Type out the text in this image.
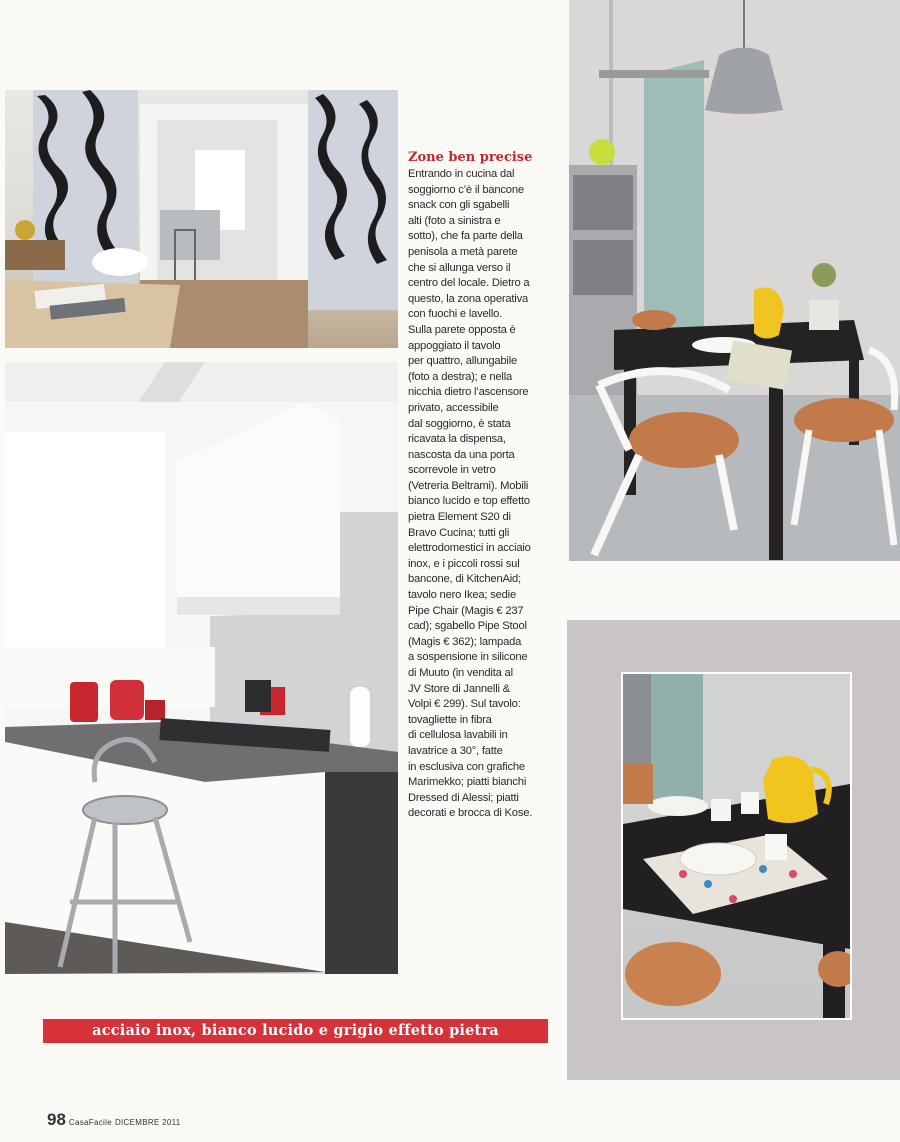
Zone ben precise
Entrando in cucina dal
soggiorno c’è il bancone
snack con gli sgabelli
alti (foto a sinistra e
sotto), che fa parte della
penisola a metà parete
che si allunga verso il
centro del locale. Dietro a
questo, la zona operativa
con fuochi e lavello.
Sulla parete opposta è
appoggiato il tavolo
per quattro, allungabile
(foto a destra); e nella
nicchia dietro l’ascensore
privato, accessibile
dal soggiorno, è stata
ricavata la dispensa,
nascosta da una porta
scorrevole in vetro
(Vetreria Beltrami). Mobili
bianco lucido e top effetto
pietra Element S20 di
Bravo Cucina; tutti gli
elettrodomestici in acciaio
inox, e i piccoli rossi sul
bancone, di KitchenAid;
tavolo nero Ikea; sedie
Pipe Chair (Magis € 237
cad); sgabello Pipe Stool
(Magis € 362); lampada
a sospensione in silicone
di Muuto (in vendita al
JV Store di Jannelli &
Volpi € 299). Sul tavolo:
tovagliette in fibra
di cellulosa lavabili in
lavatrice a 30°, fatte
in esclusiva con grafiche
Marimekko; piatti bianchi
Dressed di Alessi; piatti
decorati e brocca di Kose.
acciaio inox, bianco lucido e grigio effetto pietra
98 CasaFacile DICEMBRE 2011
